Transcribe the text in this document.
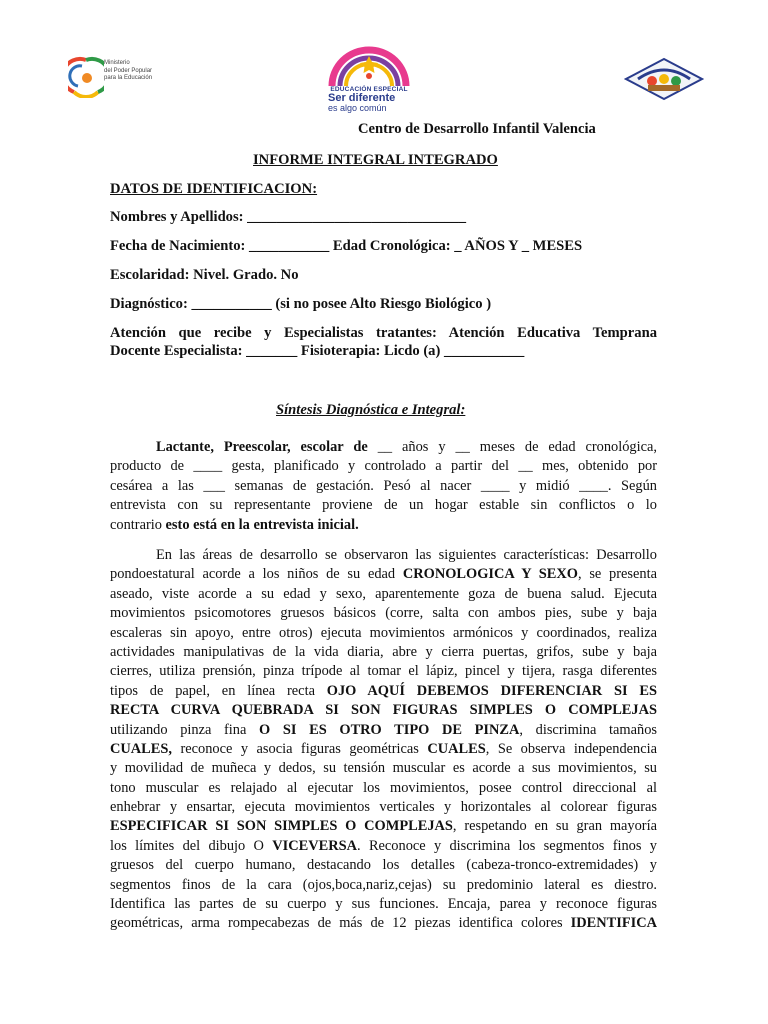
Ministerio
del Poder Popular
para la Educación
EDUCACIÓN ESPECIAL
Ser diferente
es algo común
Centro de Desarrollo Infantil Valencia
INFORME INTEGRAL INTEGRADO
DATOS DE IDENTIFICACION:
Nombres y Apellidos: ______________________________
Fecha de Nacimiento: ___________ Edad Cronológica: _ AÑOS Y _ MESES
Escolaridad: Nivel. Grado. No
Diagnóstico: ___________ (si no posee Alto Riesgo Biológico )
Atención que recibe y Especialistas tratantes: Atención Educativa Temprana
Docente Especialista: _______ Fisioterapia: Licdo (a) ___________
Síntesis Diagnóstica e Integral:
Lactante, Preescolar, escolar de __ años y __ meses de edad cronológica,
producto de ____ gesta, planificado y controlado a partir del __ mes, obtenido por
cesárea a las ___ semanas de gestación. Pesó al nacer ____ y midió ____. Según
entrevista con su representante proviene de un hogar estable sin conflictos o lo
contrario esto está en la entrevista inicial.
En las áreas de desarrollo se observaron las siguientes características: Desarrollo
pondoestatural acorde a los niños de su edad CRONOLOGICA Y SEXO, se presenta
aseado, viste acorde a su edad y sexo, aparentemente goza de buena salud. Ejecuta
movimientos psicomotores gruesos básicos (corre, salta con ambos pies, sube y baja
escaleras sin apoyo, entre otros) ejecuta movimientos armónicos y coordinados, realiza
actividades manipulativas de la vida diaria, abre y cierra puertas, grifos, sube y baja
cierres, utiliza prensión, pinza trípode al tomar el lápiz, pincel y tijera, rasga diferentes
tipos de papel, en línea recta OJO AQUÍ DEBEMOS DIFERENCIAR SI ES
RECTA CURVA QUEBRADA SI SON FIGURAS SIMPLES O COMPLEJAS
utilizando pinza fina O SI ES OTRO TIPO DE PINZA, discrimina tamaños
CUALES, reconoce y asocia figuras geométricas CUALES, Se observa independencia
y movilidad de muñeca y dedos, su tensión muscular es acorde a sus movimientos, su
tono muscular es relajado al ejecutar los movimientos, posee control direccional al
enhebrar y ensartar, ejecuta movimientos verticales y horizontales al colorear figuras
ESPECIFICAR SI SON SIMPLES O COMPLEJAS, respetando en su gran mayoría
los límites del dibujo O VICEVERSA. Reconoce y discrimina los segmentos finos y
gruesos del cuerpo humano, destacando los detalles (cabeza-tronco-extremidades) y
segmentos finos de la cara (ojos,boca,nariz,cejas) su predominio lateral es diestro.
Identifica las partes de su cuerpo y sus funciones. Encaja, parea y reconoce figuras
geométricas, arma rompecabezas de más de 12 piezas identifica colores IDENTIFICA
